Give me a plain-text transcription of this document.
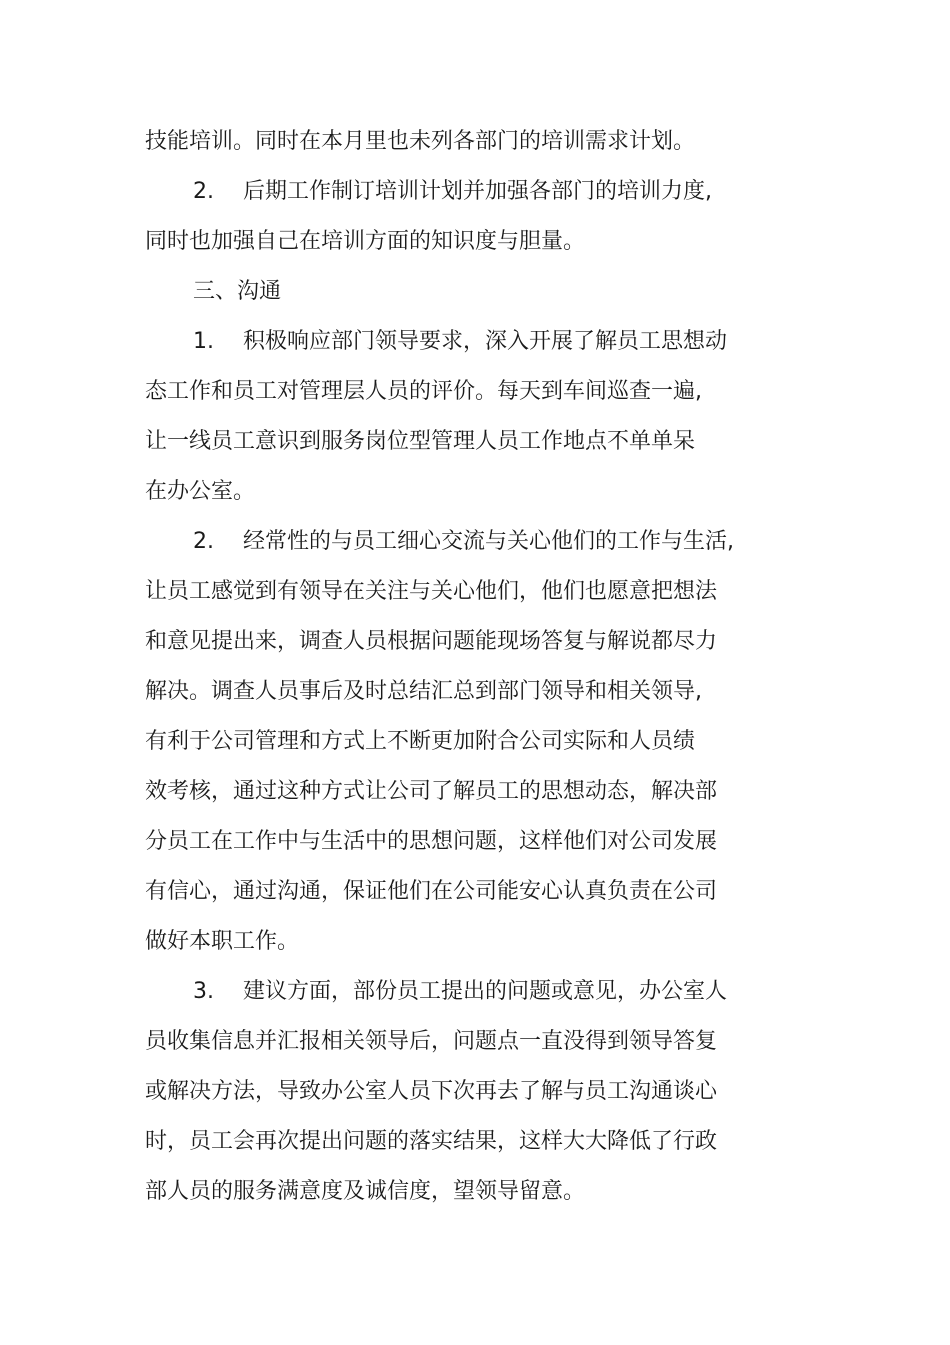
技能培训。同时在本月里也未列各部门的培训需求计划。
2. 后期工作制订培训计划并加强各部门的培训力度,
同时也加强自己在培训方面的知识度与胆量。
三、沟通
1. 积极响应部门领导要求，深入开展了解员工思想动
态工作和员工对管理层人员的评价。每天到车间巡查一遍,
让一线员工意识到服务岗位型管理人员工作地点不单单呆
在办公室。
2. 经常性的与员工细心交流与关心他们的工作与生活,
让员工感觉到有领导在关注与关心他们，他们也愿意把想法
和意见提出来，调查人员根据问题能现场答复与解说都尽力
解决。调查人员事后及时总结汇总到部门领导和相关领导,
有利于公司管理和方式上不断更加附合公司实际和人员绩
效考核，通过这种方式让公司了解员工的思想动态，解决部
分员工在工作中与生活中的思想问题，这样他们对公司发展
有信心，通过沟通，保证他们在公司能安心认真负责在公司
做好本职工作。
3. 建议方面，部份员工提出的问题或意见，办公室人
员收集信息并汇报相关领导后，问题点一直没得到领导答复
或解决方法，导致办公室人员下次再去了解与员工沟通谈心
时，员工会再次提出问题的落实结果，这样大大降低了行政
部人员的服务满意度及诚信度，望领导留意。
